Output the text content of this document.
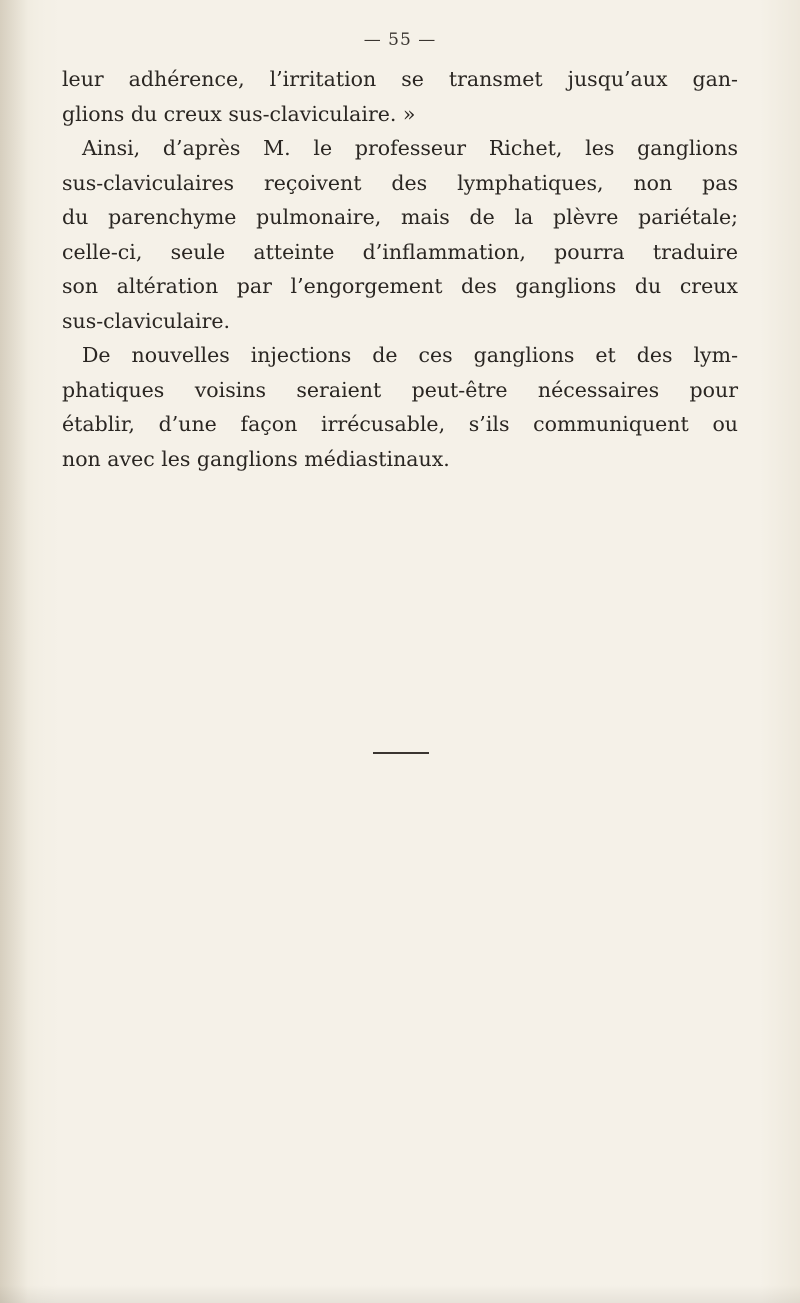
— 55 —
leur adhérence, l’irritation se transmet jusqu’aux gan-
glions du creux sus-claviculaire. »
Ainsi, d’après M. le professeur Richet, les ganglions
sus-claviculaires reçoivent des lymphatiques, non pas
du parenchyme pulmonaire, mais de la plèvre pariétale;
celle-ci, seule atteinte d’inflammation, pourra traduire
son altération par l’engorgement des ganglions du creux
sus-claviculaire.
De nouvelles injections de ces ganglions et des lym-
phatiques voisins seraient peut-être nécessaires pour
établir, d’une façon irrécusable, s’ils communiquent ou
non avec les ganglions médiastinaux.
